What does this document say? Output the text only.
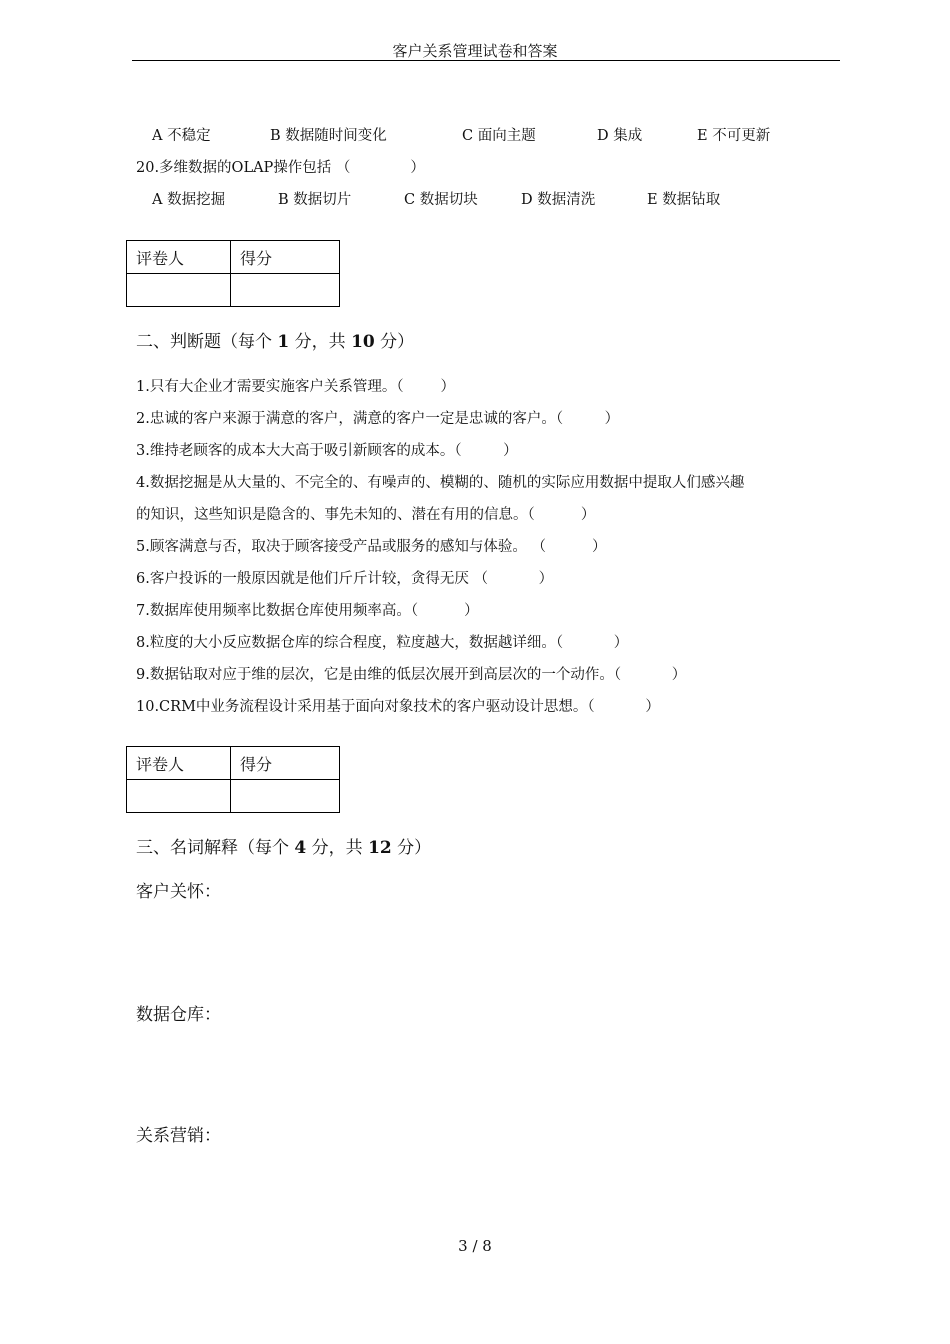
客户关系管理试卷和答案
A 不稳定	B 数据随时间变化	C 面向主题	D 集成	E 不可更新
20.多维数据的OLAP操作包括 （             ）
A 数据挖掘	B 数据切片	C 数据切块	D 数据清洗	E 数据钻取
评卷人	得分

二、判断题（每个 1 分，共 10 分）
1.只有大企业才需要实施客户关系管理。（        ）
2.忠诚的客户来源于满意的客户，满意的客户一定是忠诚的客户。（         ）
3.维持老顾客的成本大大高于吸引新顾客的成本。（         ）
4.数据挖掘是从大量的、不完全的、有噪声的、模糊的、随机的实际应用数据中提取人们感兴趣
的知识，这些知识是隐含的、事先未知的、潜在有用的信息。（          ）
5.顾客满意与否，取决于顾客接受产品或服务的感知与体验。 （          ）
6.客户投诉的一般原因就是他们斤斤计较，贪得无厌 （           ）
7.数据库使用频率比数据仓库使用频率高。（          ）
8.粒度的大小反应数据仓库的综合程度，粒度越大，数据越详细。（           ）
9.数据钻取对应于维的层次，它是由维的低层次展开到高层次的一个动作。（           ）
10.CRM中业务流程设计采用基于面向对象技术的客户驱动设计思想。（           ）
评卷人	得分

三、名词解释（每个 4 分，共 12 分）
客户关怀：
数据仓库：
关系营销：
3 / 8
